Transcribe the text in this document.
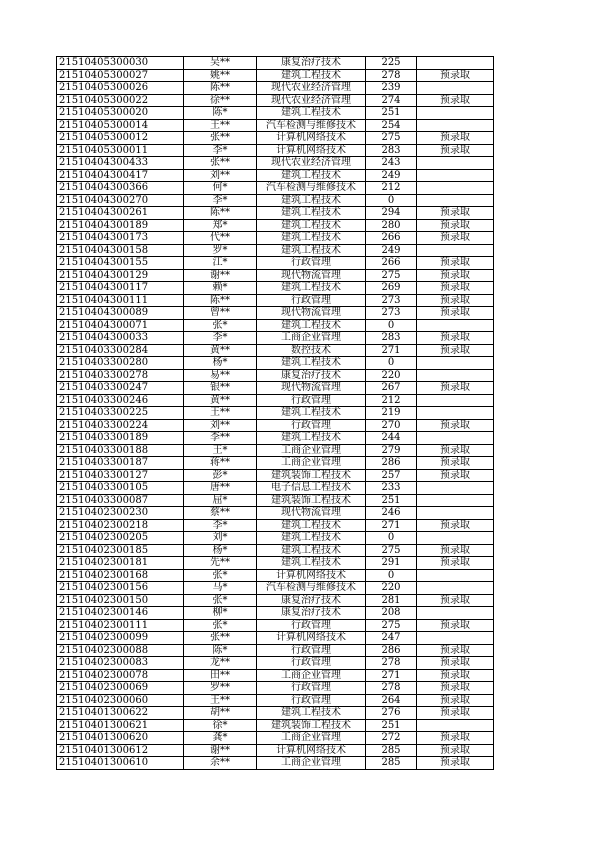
21510405300030	吴**	康复治疗技术	225	
21510405300027	姚**	建筑工程技术	278	预录取
21510405300026	陈**	现代农业经济管理	239	
21510405300022	徐**	现代农业经济管理	274	预录取
21510405300020	陈*	建筑工程技术	251	
21510405300014	王**	汽车检测与维修技术	254	
21510405300012	张**	计算机网络技术	275	预录取
21510405300011	李*	计算机网络技术	283	预录取
21510404300433	张**	现代农业经济管理	243	
21510404300417	刘**	建筑工程技术	249	
21510404300366	何*	汽车检测与维修技术	212	
21510404300270	李*	建筑工程技术	0	
21510404300261	陈**	建筑工程技术	294	预录取
21510404300189	郑*	建筑工程技术	280	预录取
21510404300173	代**	建筑工程技术	266	预录取
21510404300158	罗*	建筑工程技术	249	
21510404300155	江*	行政管理	266	预录取
21510404300129	谢**	现代物流管理	275	预录取
21510404300117	赖*	建筑工程技术	269	预录取
21510404300111	陈**	行政管理	273	预录取
21510404300089	曾**	现代物流管理	273	预录取
21510404300071	张*	建筑工程技术	0	
21510404300033	李*	工商企业管理	283	预录取
21510403300284	黄**	数控技术	271	预录取
21510403300280	杨*	建筑工程技术	0	
21510403300278	易**	康复治疗技术	220	
21510403300247	银**	现代物流管理	267	预录取
21510403300246	黄**	行政管理	212	
21510403300225	王**	建筑工程技术	219	
21510403300224	刘**	行政管理	270	预录取
21510403300189	李**	建筑工程技术	244	
21510403300188	王*	工商企业管理	279	预录取
21510403300187	蒋**	工商企业管理	286	预录取
21510403300127	彭*	建筑装饰工程技术	257	预录取
21510403300105	唐**	电子信息工程技术	233	
21510403300087	屈*	建筑装饰工程技术	251	
21510402300230	蔡**	现代物流管理	246	
21510402300218	李*	建筑工程技术	271	预录取
21510402300205	刘*	建筑工程技术	0	
21510402300185	杨*	建筑工程技术	275	预录取
21510402300181	先**	建筑工程技术	291	预录取
21510402300168	张*	计算机网络技术	0	
21510402300156	马*	汽车检测与维修技术	220	
21510402300150	张*	康复治疗技术	281	预录取
21510402300146	柳*	康复治疗技术	208	
21510402300111	张*	行政管理	275	预录取
21510402300099	张**	计算机网络技术	247	
21510402300088	陈*	行政管理	286	预录取
21510402300083	龙**	行政管理	278	预录取
21510402300078	田**	工商企业管理	271	预录取
21510402300069	罗**	行政管理	278	预录取
21510402300060	王**	行政管理	264	预录取
21510401300622	胡**	建筑工程技术	276	预录取
21510401300621	徐*	建筑装饰工程技术	251	
21510401300620	龚*	工商企业管理	272	预录取
21510401300612	谢**	计算机网络技术	285	预录取
21510401300610	余**	工商企业管理	285	预录取
